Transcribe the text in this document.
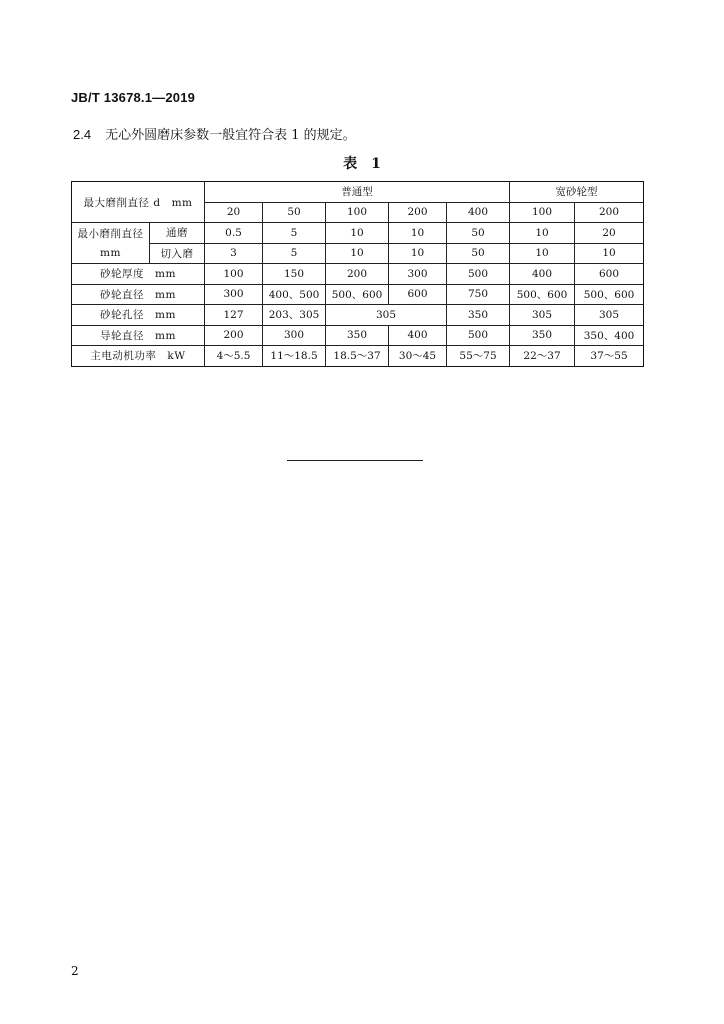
JB/T 13678.1—2019
2.4 无心外圆磨床参数一般宜符合表 1 的规定。
表　1
最大磨削直径 d　mm		普通型					宽砂轮型	
		20	50	100	200	400	100	200
最小磨削直径	通磨	0.5	5	10	10	50	10	20
mm	切入磨	3	5	10	10	50	10	10
砂轮厚度　mm		100	150	200	300	500	400	600
砂轮直径　mm		300	400、500	500、600	600	750	500、600	500、600
砂轮孔径　mm		127	203、305	305		350	305	305
导轮直径　mm		200	300	350	400	500	350	350、400
主电动机功率　kW		4～5.5	11～18.5	18.5～37	30～45	55～75	22～37	37～55
2
